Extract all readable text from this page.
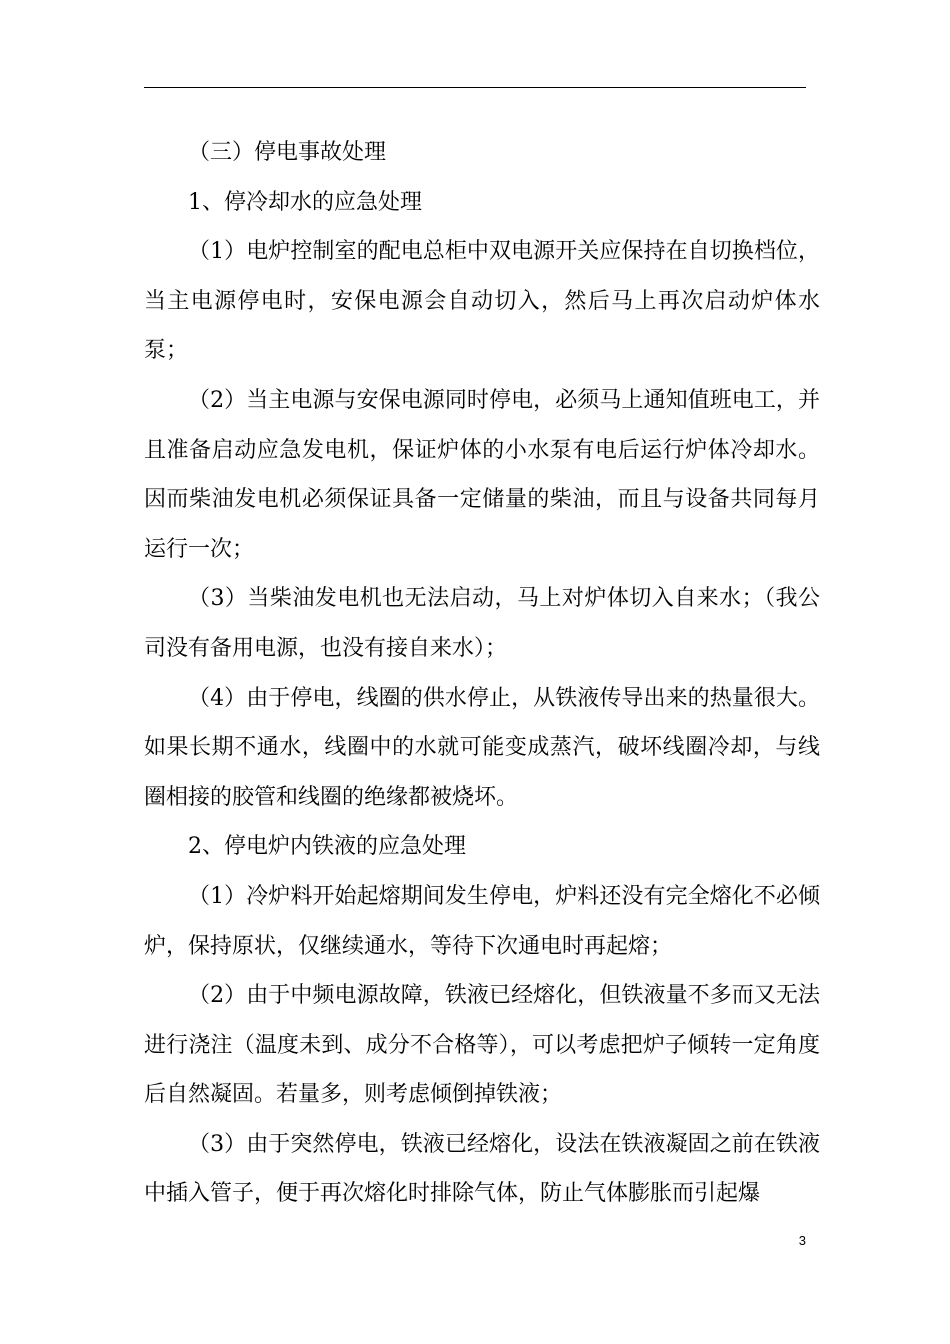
（三）停电事故处理

1、停冷却水的应急处理

（1）电炉控制室的配电总柜中双电源开关应保持在自切换档位，当主电源停电时，安保电源会自动切入，然后马上再次启动炉体水泵；

（2）当主电源与安保电源同时停电，必须马上通知值班电工，并且准备启动应急发电机，保证炉体的小水泵有电后运行炉体冷却水。因而柴油发电机必须保证具备一定储量的柴油，而且与设备共同每月运行一次；

（3）当柴油发电机也无法启动，马上对炉体切入自来水；（我公司没有备用电源，也没有接自来水）；

（4）由于停电，线圈的供水停止，从铁液传导出来的热量很大。如果长期不通水，线圈中的水就可能变成蒸汽，破坏线圈冷却，与线圈相接的胶管和线圈的绝缘都被烧坏。

2、停电炉内铁液的应急处理

（1）冷炉料开始起熔期间发生停电，炉料还没有完全熔化不必倾炉，保持原状，仅继续通水，等待下次通电时再起熔；

（2）由于中频电源故障，铁液已经熔化，但铁液量不多而又无法进行浇注（温度未到、成分不合格等），可以考虑把炉子倾转一定角度后自然凝固。若量多，则考虑倾倒掉铁液；

（3）由于突然停电，铁液已经熔化，设法在铁液凝固之前在铁液中插入管子，便于再次熔化时排除气体，防止气体膨胀而引起爆

3
